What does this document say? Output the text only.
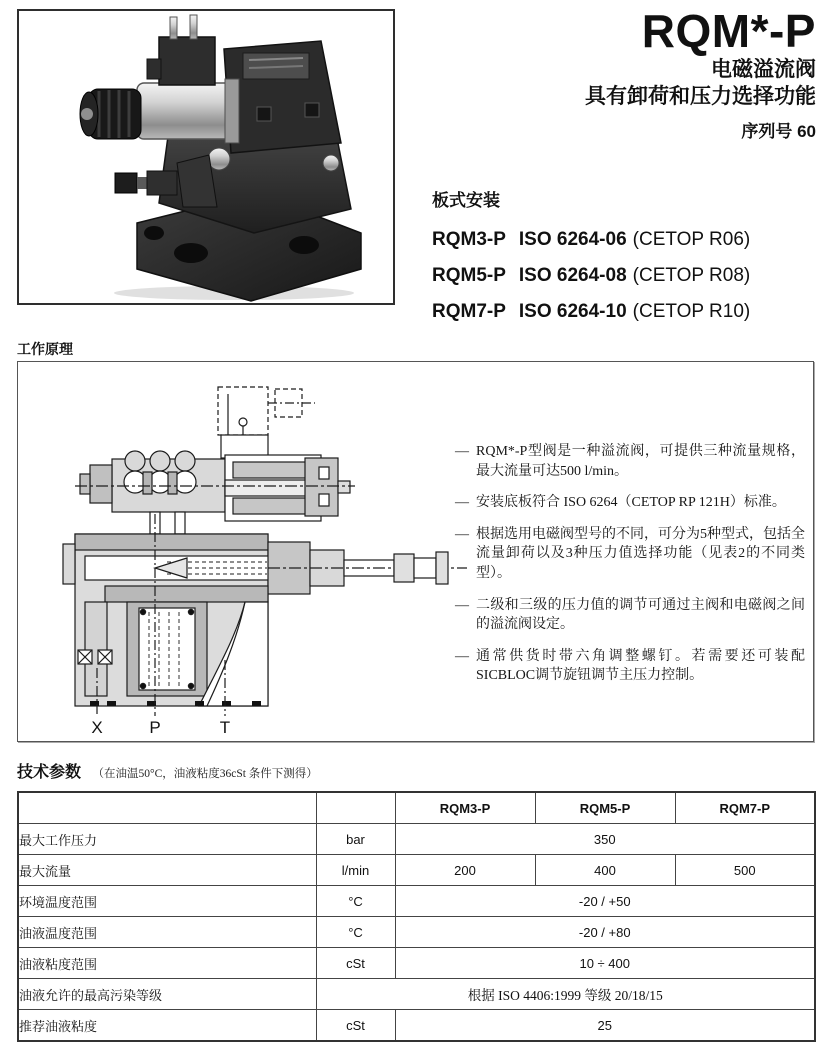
RQM*-P
电磁溢流阀
具有卸荷和压力选择功能
序列号 60
板式安装
RQM3-P ISO 6264-06 (CETOP R06)
RQM5-P ISO 6264-08 (CETOP R08)
RQM7-P ISO 6264-10 (CETOP R10)
工作原理
X	P	T
— RQM*-P型阀是一种溢流阀，可提供三种流量规格，最大流量可达500 l/min。
— 安装底板符合 ISO 6264（CETOP RP 121H）标准。
— 根据选用电磁阀型号的不同，可分为5种型式，包括全流量卸荷以及3种压力值选择功能（见表2的不同类型）。
— 二级和三级的压力值的调节可通过主阀和电磁阀之间的溢流阀设定。
— 通常供货时带六角调整螺钉。若需要还可装配SICBLOC调节旋钮调节主压力控制。
技术参数 （在油温50°C，油液粘度36cSt 条件下测得）
		RQM3-P	RQM5-P	RQM7-P
最大工作压力	bar	350		
最大流量	l/min	200	400	500
环境温度范围	°C	-20 / +50		
油液温度范围	°C	-20 / +80		
油液粘度范围	cSt	10 ÷ 400		
油液允许的最高污染等级	根据 ISO 4406:1999 等级 20/18/15			
推荐油液粘度	cSt	25		
